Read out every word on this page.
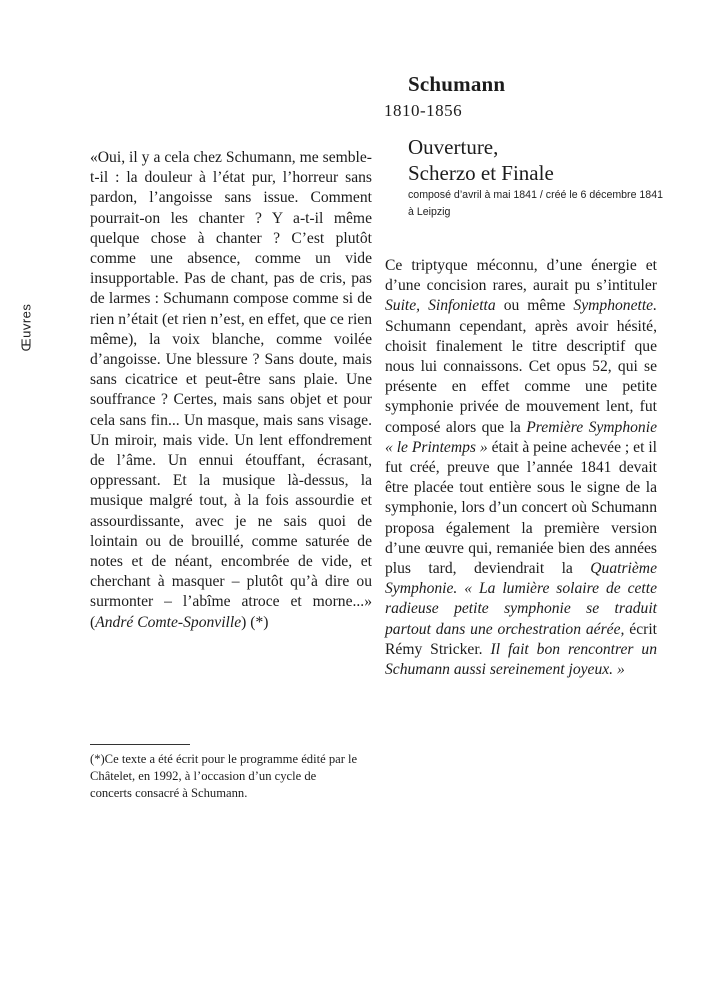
Œuvres

«Oui, il y a cela chez Schumann, me semble-t-il : la douleur à l’état pur, l’horreur sans pardon, l’angoisse sans issue. Comment pourrait-on les chanter ? Y a-t-il même quelque chose à chanter ? C’est plutôt comme une absence, comme un vide insupportable. Pas de chant, pas de cris, pas de larmes : Schumann compose comme si de rien n’était (et rien n’est, en effet, que ce rien même), la voix blanche, comme voilée d’angoisse. Une blessure ? Sans doute, mais sans cicatrice et peut-être sans plaie. Une souffrance ? Certes, mais sans objet et pour cela sans fin... Un masque, mais sans visage. Un miroir, mais vide. Un lent effondrement de l’âme. Un ennui étouffant, écrasant, oppressant. Et la musique là-dessus, la musique malgré tout, à la fois assourdie et assourdissante, avec je ne sais quoi de lointain ou de brouillé, comme saturée de notes et de néant, encombrée de vide, et cherchant à masquer – plutôt qu’à dire ou surmonter – l’abîme atroce et morne...» (André Comte-Sponville) (*)

(*)Ce texte a été écrit pour le programme édité par le Châtelet, en 1992, à l’occasion d’un cycle de concerts consacré à Schumann.
Schumann
1810-1856
Ouverture,
Scherzo et Finale
composé d’avril à mai 1841 / créé le 6 décembre 1841 à Leipzig

Ce triptyque méconnu, d’une énergie et d’une concision rares, aurait pu s’intituler Suite, Sinfonietta ou même Symphonette. Schumann cependant, après avoir hésité, choisit finalement le titre descriptif que nous lui connaissons. Cet opus 52, qui se présente en effet comme une petite symphonie privée de mouvement lent, fut composé alors que la Première Symphonie « le Printemps » était à peine achevée ; et il fut créé, preuve que l’année 1841 devait être placée tout entière sous le signe de la symphonie, lors d’un concert où Schumann proposa également la première version d’une œuvre qui, remaniée bien des années plus tard, deviendrait la Quatrième Symphonie. « La lumière solaire de cette radieuse petite symphonie se traduit partout dans une orchestration aérée, écrit Rémy Stricker. Il fait bon rencontrer un Schumann aussi sereinement joyeux. »
